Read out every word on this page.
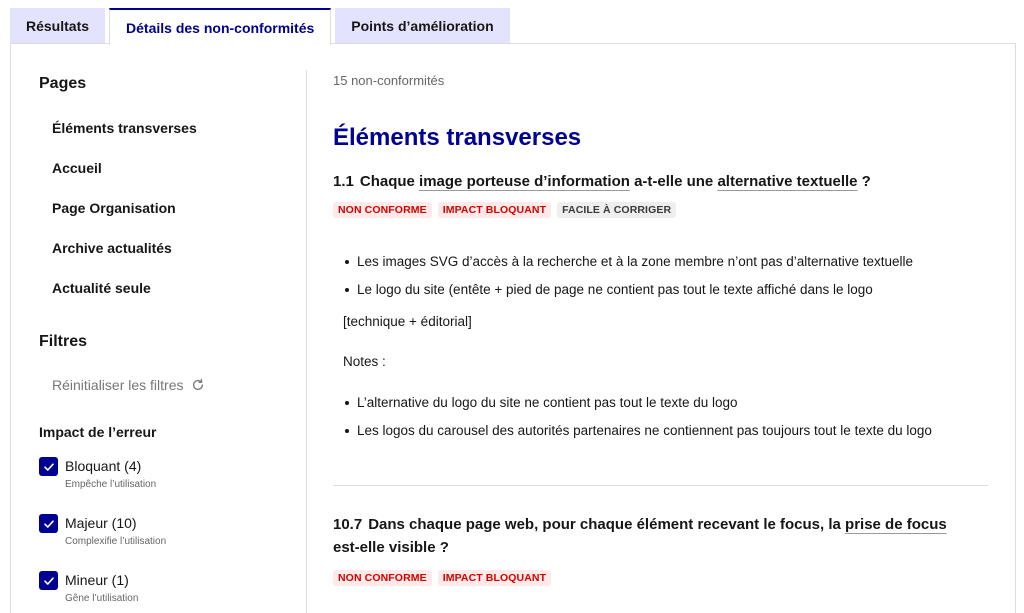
Résultats	Détails des non-conformités	Points d’amélioration
Pages
Éléments transverses
Accueil
Page Organisation
Archive actualités
Actualité seule
Filtres
Réinitialiser les filtres
Impact de l’erreur
Bloquant (4)
Empêche l’utilisation
Majeur (10)
Complexifie l’utilisation
Mineur (1)
Gêne l’utilisation
15 non-conformités
Éléments transverses
1.1 Chaque image porteuse d’information a-t-elle une alternative textuelle ?
NON CONFORME	IMPACT BLOQUANT	FACILE À CORRIGER
Les images SVG d’accès à la recherche et à la zone membre n’ont pas d’alternative textuelle
Le logo du site (entête + pied de page ne contient pas tout le texte affiché dans le logo
[technique + éditorial]
Notes :
L’alternative du logo du site ne contient pas tout le texte du logo
Les logos du carousel des autorités partenaires ne contiennent pas toujours tout le texte du logo
10.7 Dans chaque page web, pour chaque élément recevant le focus, la prise de focus est-elle visible ?
NON CONFORME	IMPACT BLOQUANT
